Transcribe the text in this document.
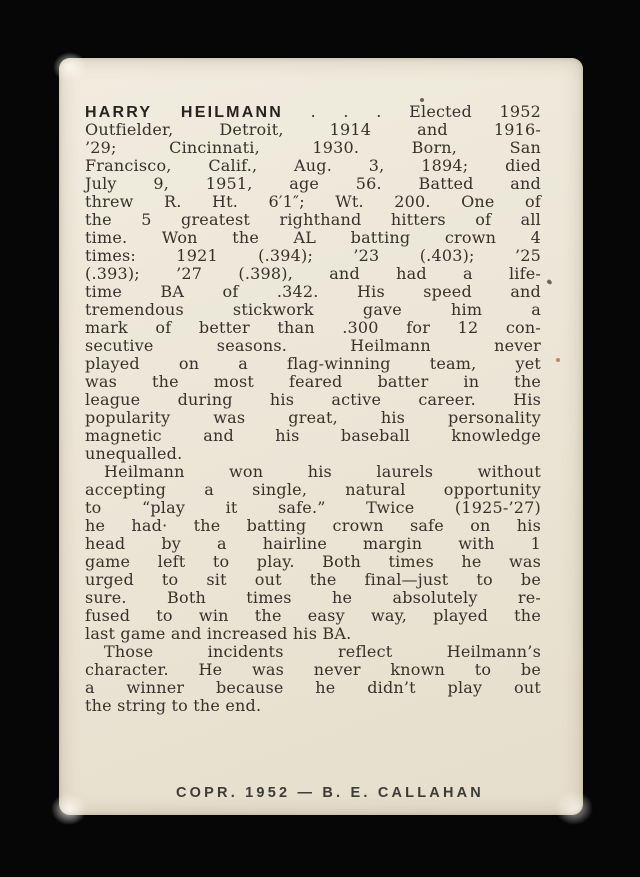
HARRY HEILMANN . . . Elected 1952
Outfielder, Detroit, 1914 and 1916-
’29; Cincinnati, 1930. Born, San
Francisco, Calif., Aug. 3, 1894; died
July 9, 1951, age 56. Batted and
threw R. Ht. 6′1″; Wt. 200. One of
the 5 greatest righthand hitters of all
time. Won the AL batting crown 4
times: 1921 (.394); ’23 (.403); ’25
(.393); ’27 (.398), and had a life-
time BA of .342. His speed and
tremendous stickwork gave him a
mark of better than .300 for 12 con-
secutive seasons. Heilmann never
played on a flag-winning team, yet
was the most feared batter in the
league during his active career. His
popularity was great, his personality
magnetic and his baseball knowledge
unequalled.
Heilmann won his laurels without
accepting a single, natural opportunity
to “play it safe.” Twice (1925-’27)
he had· the batting crown safe on his
head by a hairline margin with 1
game left to play. Both times he was
urged to sit out the final—just to be
sure. Both times he absolutely re-
fused to win the easy way, played the
last game and increased his BA.
Those incidents reflect Heilmann’s
character. He was never known to be
a winner because he didn’t play out
the string to the end.
COPR. 1952 — B. E. CALLAHAN
